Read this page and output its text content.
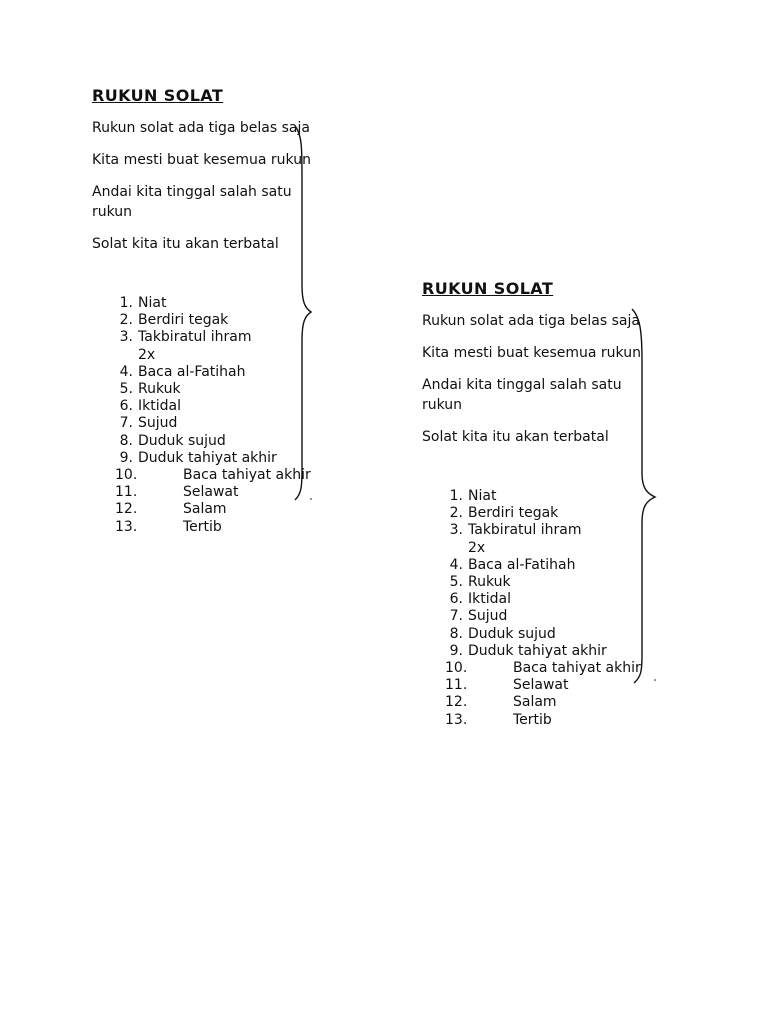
RUKUN SOLAT

Rukun solat ada tiga belas saja

Kita mesti buat kesemua rukun

Andai kita tinggal salah satu rukun

Solat kita itu akan terbatal

1. Niat
2. Berdiri tegak
3. Takbiratul ihram
2x
4. Baca al-Fatihah
5. Rukuk
6. Iktidal
7. Sujud
8. Duduk sujud
9. Duduk tahiyat akhir
10.	Baca tahiyat akhir
11.	Selawat
12.	Salam
13.	Tertib
RUKUN SOLAT

Rukun solat ada tiga belas saja

Kita mesti buat kesemua rukun

Andai kita tinggal salah satu rukun

Solat kita itu akan terbatal

1. Niat
2. Berdiri tegak
3. Takbiratul ihram
2x
4. Baca al-Fatihah
5. Rukuk
6. Iktidal
7. Sujud
8. Duduk sujud
9. Duduk tahiyat akhir
10.	Baca tahiyat akhir
11.	Selawat
12.	Salam
13.	Tertib
